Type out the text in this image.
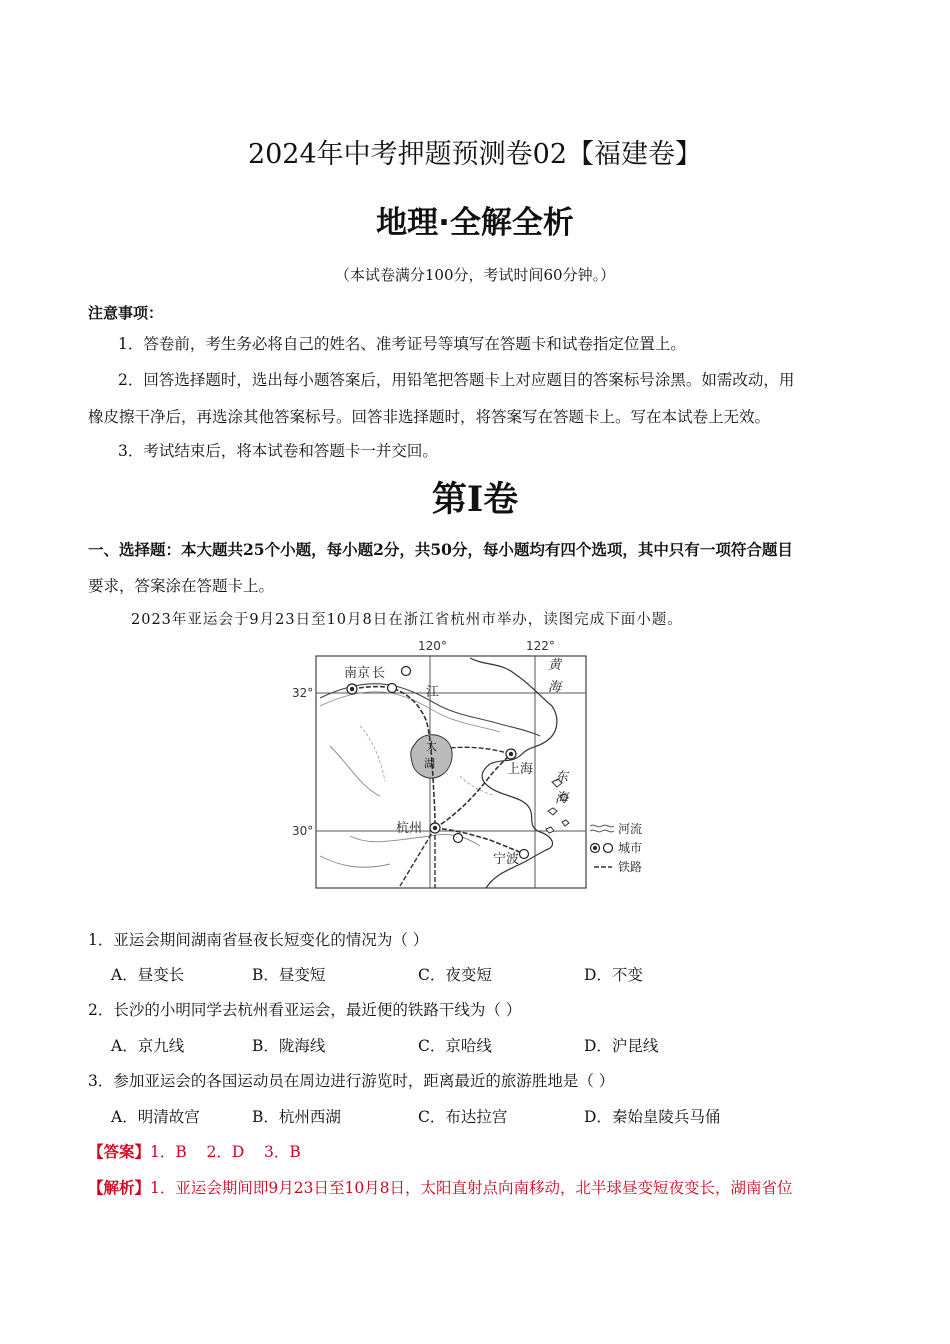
2024年中考押题预测卷02【福建卷】
地理·全解全析
（本试卷满分100分，考试时间60分钟。）
注意事项：
1．答卷前，考生务必将自己的姓名、准考证号等填写在答题卡和试卷指定位置上。
2．回答选择题时，选出每小题答案后，用铅笔把答题卡上对应题目的答案标号涂黑。如需改动，用
橡皮擦干净后，再选涂其他答案标号。回答非选择题时，将答案写在答题卡上。写在本试卷上无效。
3．考试结束后，将本试卷和答题卡一并交回。
第Ⅰ卷
一、选择题：本大题共25个小题，每小题2分，共50分，每小题均有四个选项，其中只有一项符合题目
要求，答案涂在答题卡上。
2023年亚运会于9月23日至10月8日在浙江省杭州市举办，读图完成下面小题。
120°	122°
32°
30°
南京 长
江
黄
海
东
海
太
湖	上海
杭州
宁波
河流
城市
铁路
1．亚运会期间湖南省昼夜长短变化的情况为（ ）
A．昼变长	B．昼变短	C．夜变短	D．不变
2．长沙的小明同学去杭州看亚运会，最近便的铁路干线为（ ）
A．京九线	B．陇海线	C．京哈线	D．沪昆线
3．参加亚运会的各国运动员在周边进行游览时，距离最近的旅游胜地是（ ）
A．明清故宫	B．杭州西湖	C．布达拉宫	D．秦始皇陵兵马俑
【答案】1．B    2．D    3．B
【解析】1．亚运会期间即9月23日至10月8日，太阳直射点向南移动，北半球昼变短夜变长，湖南省位
